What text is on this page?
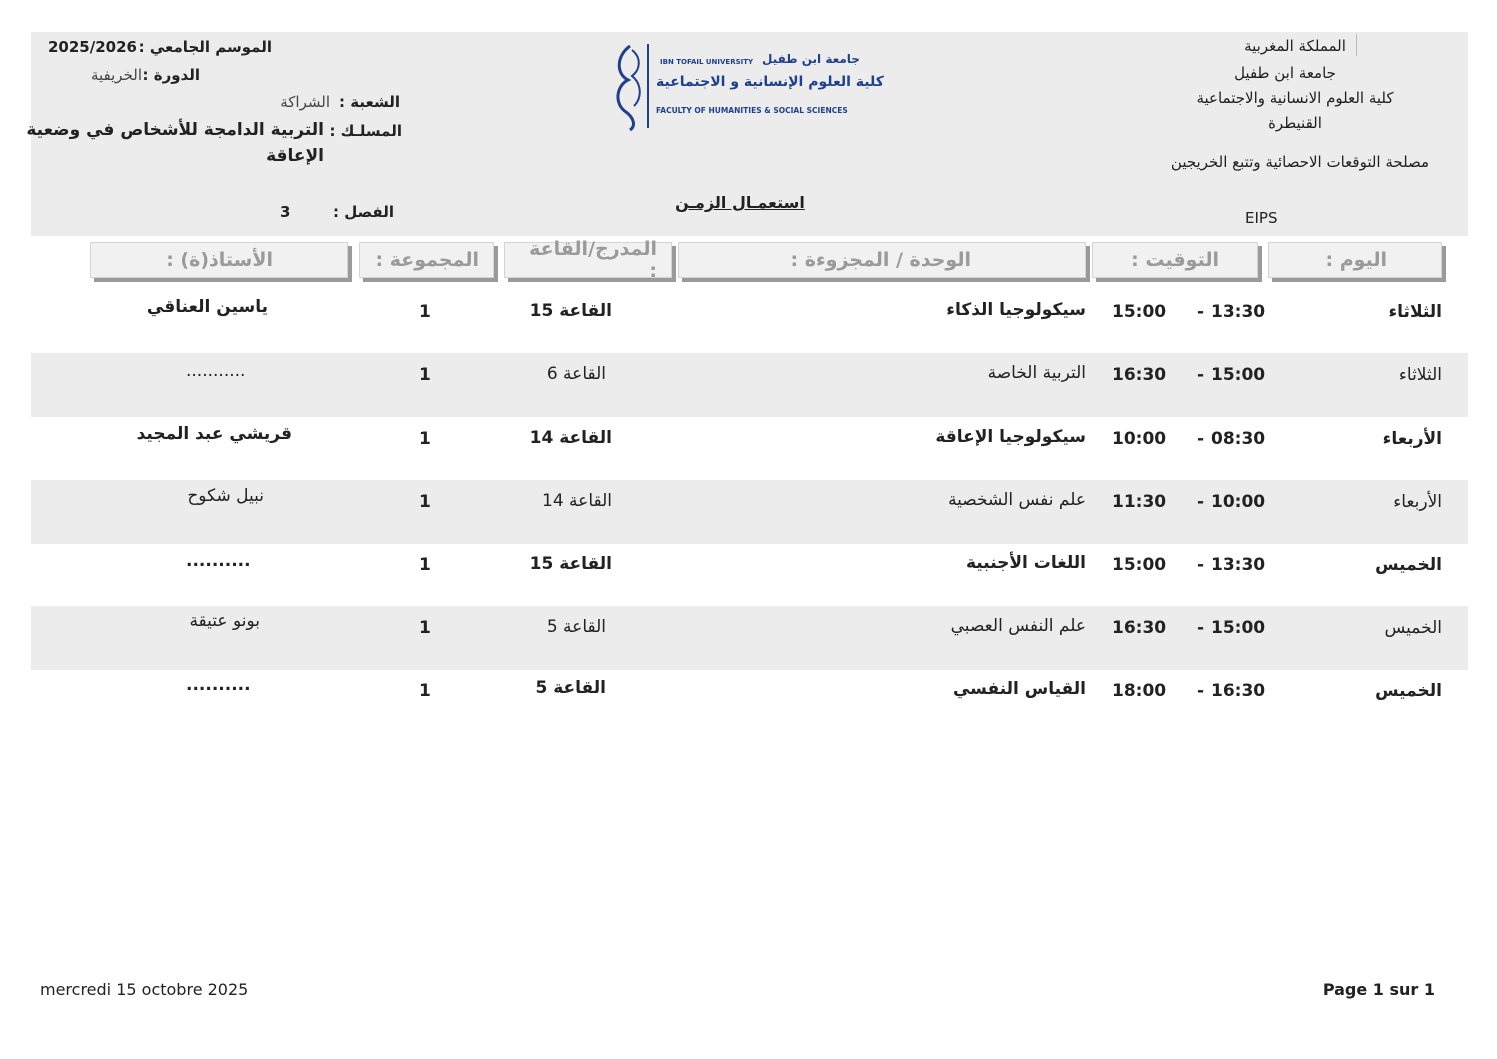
المملكة المغربية
جامعة ابن طفيل
كلية العلوم الانسانية والاجتماعية
القنيطرة
مصلحة التوقعات الاحصائية وتتبع الخريجين
EIPS
IBN TOFAIL UNIVERSITY جامعة ابن طفيل
كلية العلوم الإنسانية و الاجتماعية
FACULTY OF HUMANITIES & SOCIAL SCIENCES
الموسم الجامعي :
2025/2026
الدورة :
الخريفية
الشعبة :
الشراكة
المسلـك :
التربية الدامجة للأشخاص في وضعية
الإعاقة
الفصل :
3	استعمـال الزمـن
اليوم :
التوقيت :
الوحدة / المجزوءة :
المدرج/القاعة :
المجموعة :
الأستاذ(ة) :
الثلاثاء
13:30
-
15:00
سيكولوجيا الذكاء
القاعة 15
1
ياسين العناقي
الثلاثاء
15:00
-
16:30
التربية الخاصة
القاعة 6
1
...........
الأربعاء
08:30
-
10:00
سيكولوجيا الإعاقة
القاعة 14
1
قريشي عبد المجيد
الأربعاء
10:00
-
11:30
علم نفس الشخصية
القاعة 14
1
نبيل شكوح
الخميس
13:30
-
15:00
اللغات الأجنبية
القاعة 15
1
..........
الخميس
15:00
-
16:30
علم النفس العصبي
القاعة 5
1
بونو عتيقة
الخميس
16:30
-
18:00
القياس النفسي
القاعة 5
1
..........
mercredi 15 octobre 2025	Page 1 sur 1
